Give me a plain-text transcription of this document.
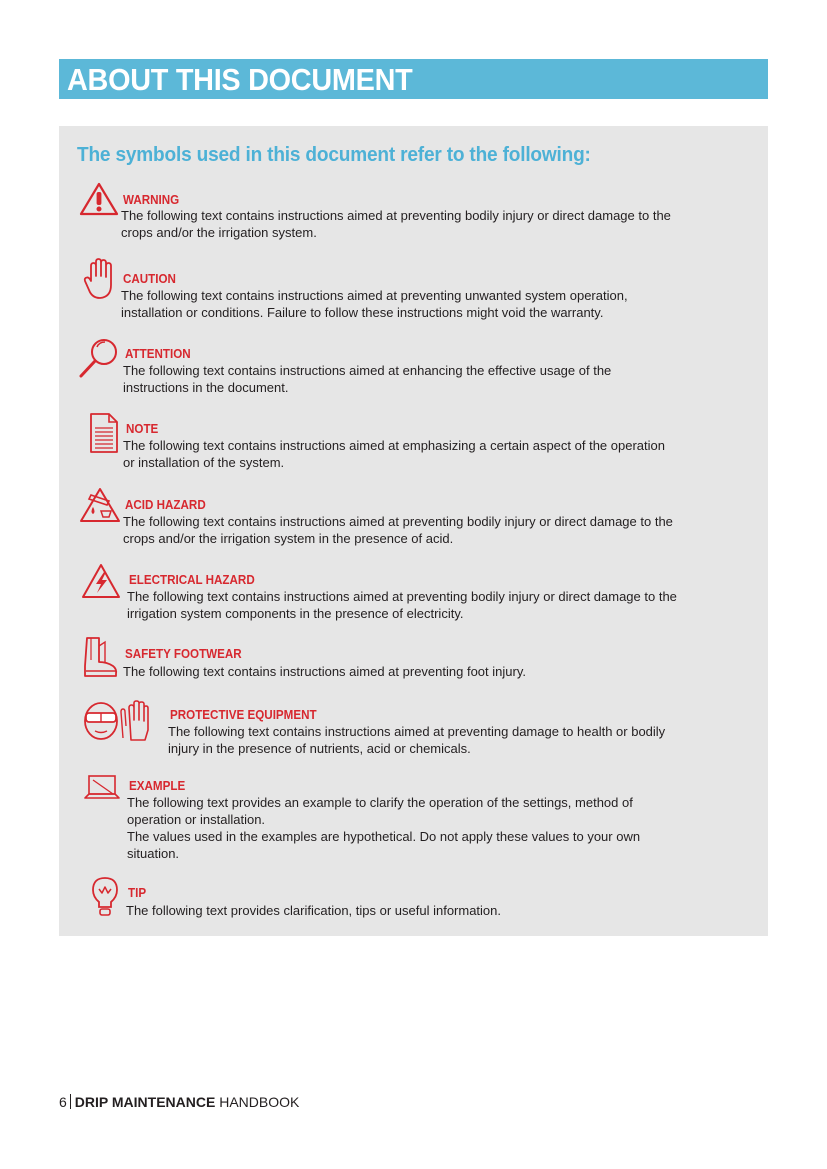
ABOUT THIS DOCUMENT
The symbols used in this document refer to the following:
WARNING
The following text contains instructions aimed at preventing bodily injury or direct damage to the
crops and/or the irrigation system.
CAUTION
The following text contains instructions aimed at preventing unwanted system operation,
installation or conditions. Failure to follow these instructions might void the warranty.
ATTENTION
The following text contains instructions aimed at enhancing the effective usage of the
instructions in the document.
NOTE
The following text contains instructions aimed at emphasizing a certain aspect of the operation
or installation of the system.
ACID HAZARD
The following text contains instructions aimed at preventing bodily injury or direct damage to the
crops and/or the irrigation system in the presence of acid.
ELECTRICAL HAZARD
The following text contains instructions aimed at preventing bodily injury or direct damage to the
irrigation system components in the presence of electricity.
SAFETY FOOTWEAR
The following text contains instructions aimed at preventing foot injury.
PROTECTIVE EQUIPMENT
The following text contains instructions aimed at preventing damage to health or bodily
injury in the presence of nutrients, acid or chemicals.
EXAMPLE
The following text provides an example to clarify the operation of the settings, method of
operation or installation.
The values used in the examples are hypothetical. Do not apply these values to your own
situation.
TIP
The following text provides clarification, tips or useful information.
6 DRIP MAINTENANCE HANDBOOK
